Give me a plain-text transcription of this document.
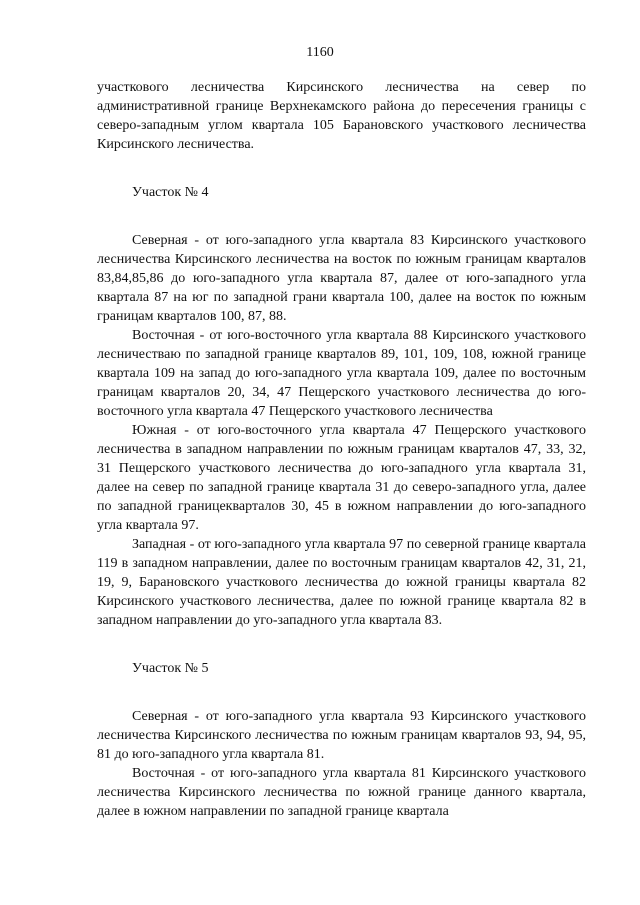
1160

участкового лесничества Кирсинского лесничества на север по административной границе Верхнекамского района до пересечения границы с северо-западным углом квартала 105 Барановского участкового лесничества Кирсинского лесничества.

Участок № 4

Северная - от юго-западного угла квартала 83 Кирсинского участкового лесничества Кирсинского лесничества на восток по южным границам кварталов 83,84,85,86 до юго-западного угла квартала 87, далее от юго-западного угла квартала 87 на юг по западной грани квартала 100, далее на восток по южным границам кварталов 100, 87, 88.

Восточная - от юго-восточного угла квартала 88 Кирсинского участкового лесничестваю по западной границе кварталов 89, 101, 109, 108, южной границе квартала 109 на запад до юго-западного угла квартала 109, далее по восточным границам кварталов 20, 34, 47 Пещерского участкового лесничества до юго-восточного угла квартала 47 Пещерского участкового лесничества

Южная - от юго-восточного угла квартала 47 Пещерского участкового лесничества в западном направлении по южным границам кварталов 47, 33, 32, 31 Пещерского участкового лесничества до юго-западного угла квартала 31, далее на север по западной границе квартала 31 до северо-западного угла, далее по западной границекварталов 30, 45 в южном направлении до юго-западного угла квартала 97.

Западная - от юго-западного угла квартала 97 по северной границе квартала 119 в западном направлении, далее по восточным границам кварталов 42, 31, 21, 19, 9, Барановского участкового лесничества до южной границы квартала 82 Кирсинского участкового лесничества, далее по южной границе квартала 82 в западном направлении до уго-западного угла квартала 83.

Участок № 5

Северная - от юго-западного угла квартала 93 Кирсинского участкового лесничества Кирсинского лесничества по южным границам кварталов 93, 94, 95, 81 до юго-западного угла квартала 81.

Восточная - от юго-западного угла квартала 81 Кирсинского участкового лесничества Кирсинского лесничества по южной границе данного квартала, далее в южном направлении по западной границе квартала
